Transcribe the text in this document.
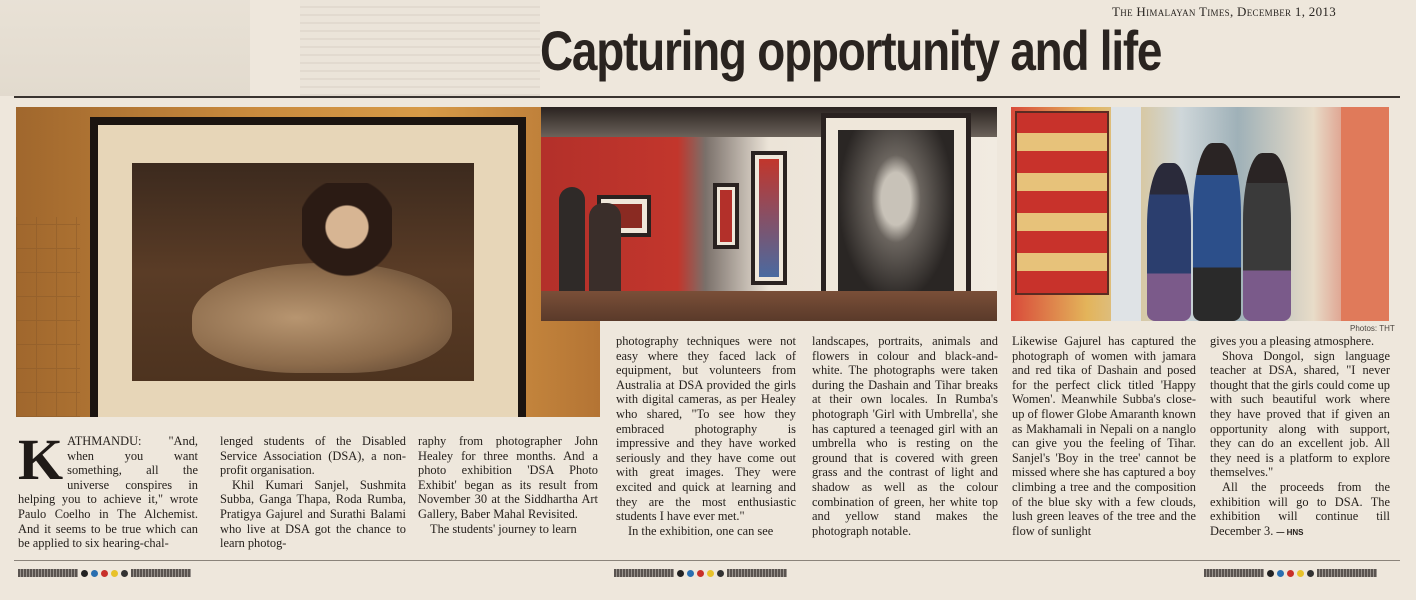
The Himalayan Times, December 1, 2013
Capturing opportunity and life
Photos: THT
K ATHMANDU: "And, when you want something, all the universe conspires in helping you to achieve it," wrote Paulo Coelho in The Alchemist. And it seems to be true which can be applied to six hearing-chal-

lenged students of the Disabled Service Association (DSA), a non-profit organisation.

Khil Kumari Sanjel, Sushmita Subba, Ganga Thapa, Roda Rumba, Pratigya Gajurel and Surathi Balami who live at DSA got the chance to learn photog-

raphy from photographer John Healey for three months. And a photo exhibition 'DSA Photo Exhibit' began as its result from November 30 at the Siddhartha Art Gallery, Baber Mahal Revisited.

The students' journey to learn

photography techniques were not easy where they faced lack of equipment, but volunteers from Australia at DSA provided the girls with digital cameras, as per Healey who shared, "To see how they embraced photography is impressive and they have worked seriously and they have come out with great images. They were excited and quick at learning and they are the most enthusiastic students I have ever met."

In the exhibition, one can see

landscapes, portraits, animals and flowers in colour and black-and-white. The photographs were taken during the Dashain and Tihar breaks at their own locales. In Rumba's photograph 'Girl with Umbrella', she has captured a teenaged girl with an umbrella who is resting on the ground that is covered with green grass and the contrast of light and shadow as well as the colour combination of green, her white top and yellow stand makes the photograph notable.

Likewise Gajurel has captured the photograph of women with jamara and red tika of Dashain and posed for the perfect click titled 'Happy Women'. Meanwhile Subba's close-up of flower Globe Amaranth known as Makhamali in Nepali on a nanglo can give you the feeling of Tihar. Sanjel's 'Boy in the tree' cannot be missed where she has captured a boy climbing a tree and the composition of the blue sky with a few clouds, lush green leaves of the tree and the flow of sunlight

gives you a pleasing atmosphere.

Shova Dongol, sign language teacher at DSA, shared, "I never thought that the girls could come up with such beautiful work where they have proved that if given an opportunity along with support, they can do an excellent job. All they need is a platform to explore themselves."

All the proceeds from the exhibition will go to DSA. The exhibition will continue till December 3. — HNS
